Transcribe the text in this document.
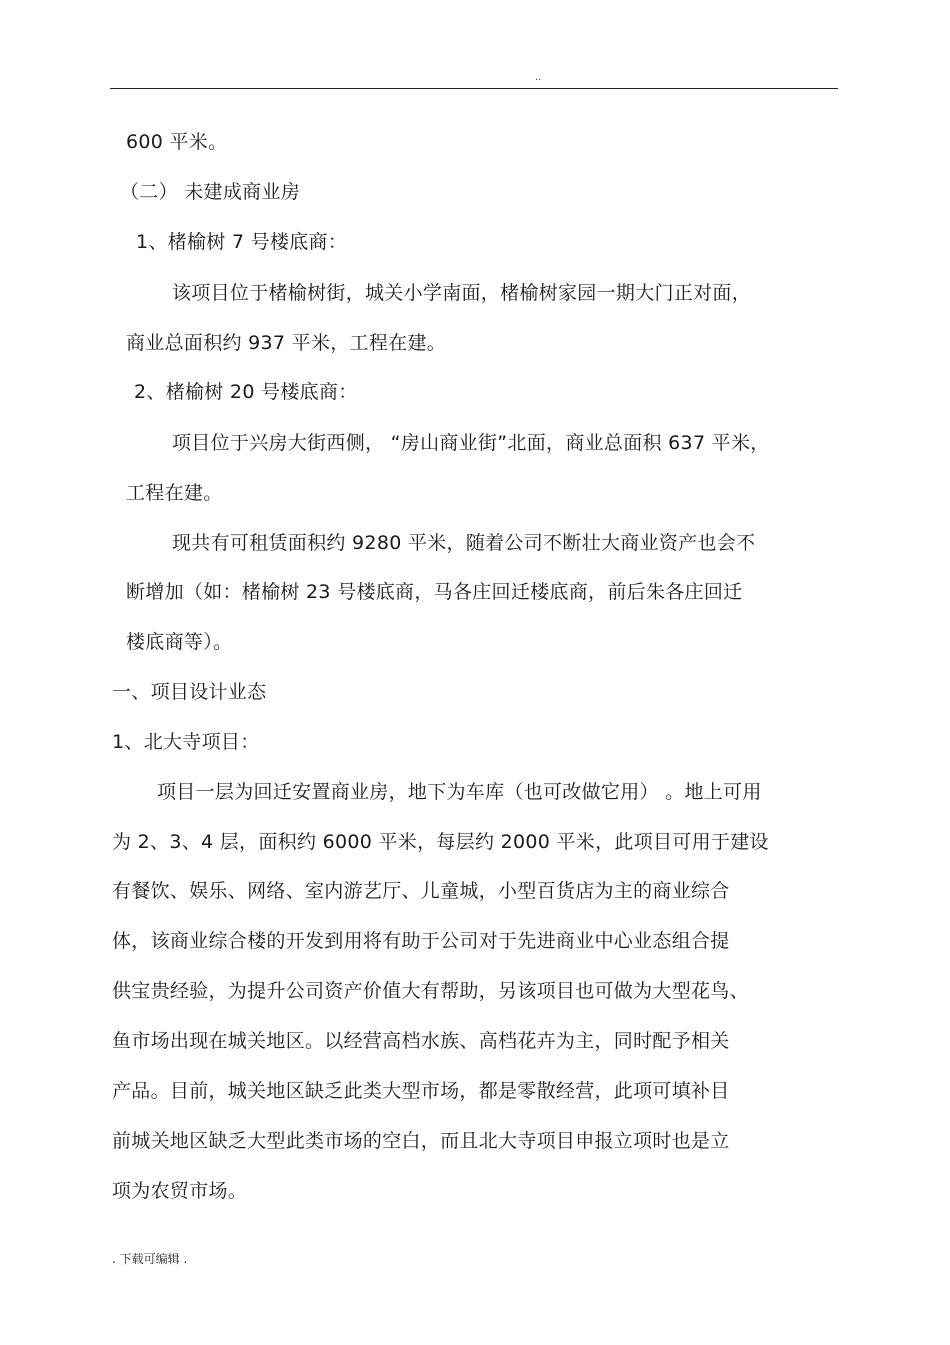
..
600 平米。
（二） 未建成商业房
1、楮榆树 7 号楼底商：
该项目位于楮榆树街，城关小学南面，楮榆树家园一期大门正对面，
商业总面积约 937 平米，工程在建。
2、楮榆树 20 号楼底商：
项目位于兴房大街西侧， “房山商业街”北面，商业总面积 637 平米，
工程在建。
现共有可租赁面积约 9280 平米，随着公司不断壮大商业资产也会不
断增加（如：楮榆树 23 号楼底商，马各庄回迁楼底商，前后朱各庄回迁
楼底商等）。
一、项目设计业态
1、北大寺项目：
项目一层为回迁安置商业房，地下为车库（也可改做它用） 。地上可用
为 2、3、4 层，面积约 6000 平米，每层约 2000 平米，此项目可用于建设
有餐饮、娱乐、网络、室内游艺厅、儿童城，小型百货店为主的商业综合
体，该商业综合楼的开发到用将有助于公司对于先进商业中心业态组合提
供宝贵经验，为提升公司资产价值大有帮助，另该项目也可做为大型花鸟、
鱼市场出现在城关地区。以经营高档水族、高档花卉为主，同时配予相关
产品。目前，城关地区缺乏此类大型市场，都是零散经营，此项可填补目
前城关地区缺乏大型此类市场的空白，而且北大寺项目申报立项时也是立
项为农贸市场。
. 下载可编辑 .
